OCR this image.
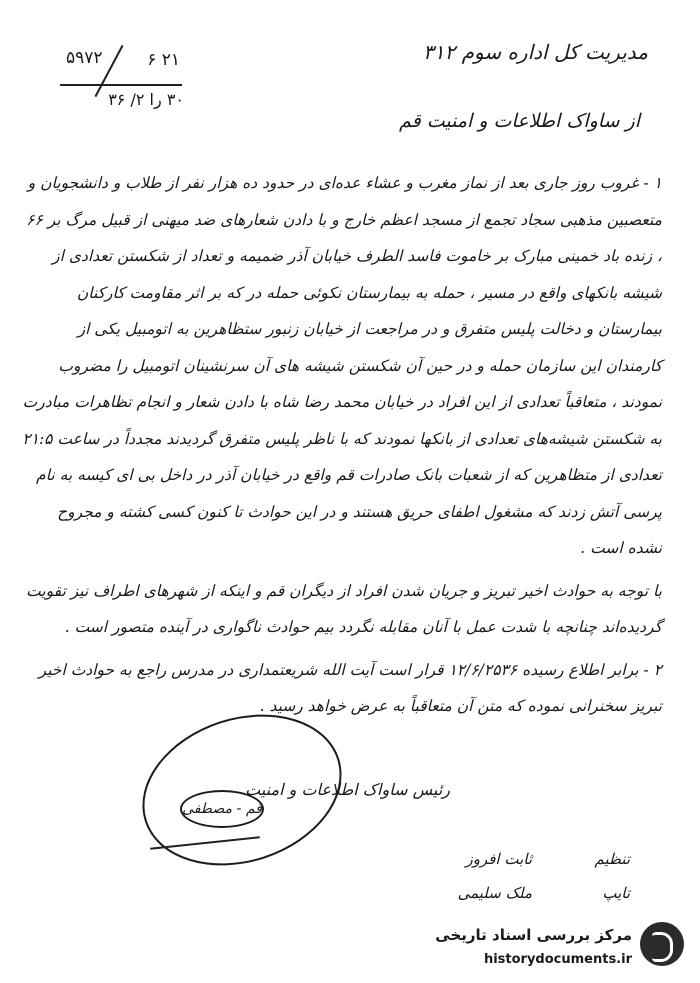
۲۱ ۶
۵۹۷۲
۳۰ را ۲/ ۳۶
مدیریت کل اداره سوم ۳۱۲
از ساواک اطلاعات و امنیت قم

۱ - غروب روز جاری بعد از نماز مغرب و عشاء عده‌ای در حدود ده هزار نفر از طلاب و دانشجویان و متعصبین مذهبی سجاد تجمع از مسجد اعظم خارج و با دادن شعارهای ضد میهنی از قبیل مرگ بر ۶۶ ، زنده باد خمینی مبارک بر خاموت فاسد الطرف خیابان آذر ضمیمه و تعداد از شکستن تعدادی از شیشه بانکهای واقع در مسیر ، حمله به بیمارستان نکوئی حمله در که بر اثر مقاومت کارکنان بیمارستان و دخالت پلیس متفرق و در مراجعت از خیابان زنبور ستظاهرین به اتومبیل یکی از کارمندان این سازمان حمله و در حین آن شکستن شیشه های آن سرنشینان اتومبیل را مضروب نمودند ، متعاقباً تعدادی از این افراد در خیابان محمد رضا شاه با دادن شعار و انجام تظاهرات مبادرت به شکستن شیشه‌های تعدادی از بانکها نمودند که با ناظر پلیس متفرق گردیدند مجدداً در ساعت ۲۱:۵ تعدادی از متظاهرین که از شعبات بانک صادرات قم واقع در خیابان آذر در داخل بی ای کیسه به نام پرسی آتش زدند که مشغول اطفای حریق هستند و در این حوادث تا کنون کسی کشته و مجروح نشده است .

با توجه به حوادث اخیر تبریز و جریان شدن افراد از دیگران قم و اینکه از شهرهای اطراف نیز تقویت گردیده‌اند چنانچه با شدت عمل با آنان مقابله نگردد بیم حوادث ناگواری در آینده متصور است .

۲ - برابر اطلاع رسیده ۱۲/۶/۲۵۳۶ قرار است آیت الله شریعتمداری در مدرس راجع به حوادث اخیر تبریز سخنرانی نموده که متن آن متعاقباً به عرض خواهد رسید .

قم - مصطفی
رئیس ساواک اطلاعات و امنیت
تنظیمثابت افروز
تایپملک سلیمی
مرکز بررسی اسناد تاریخی
historydocuments.ir
